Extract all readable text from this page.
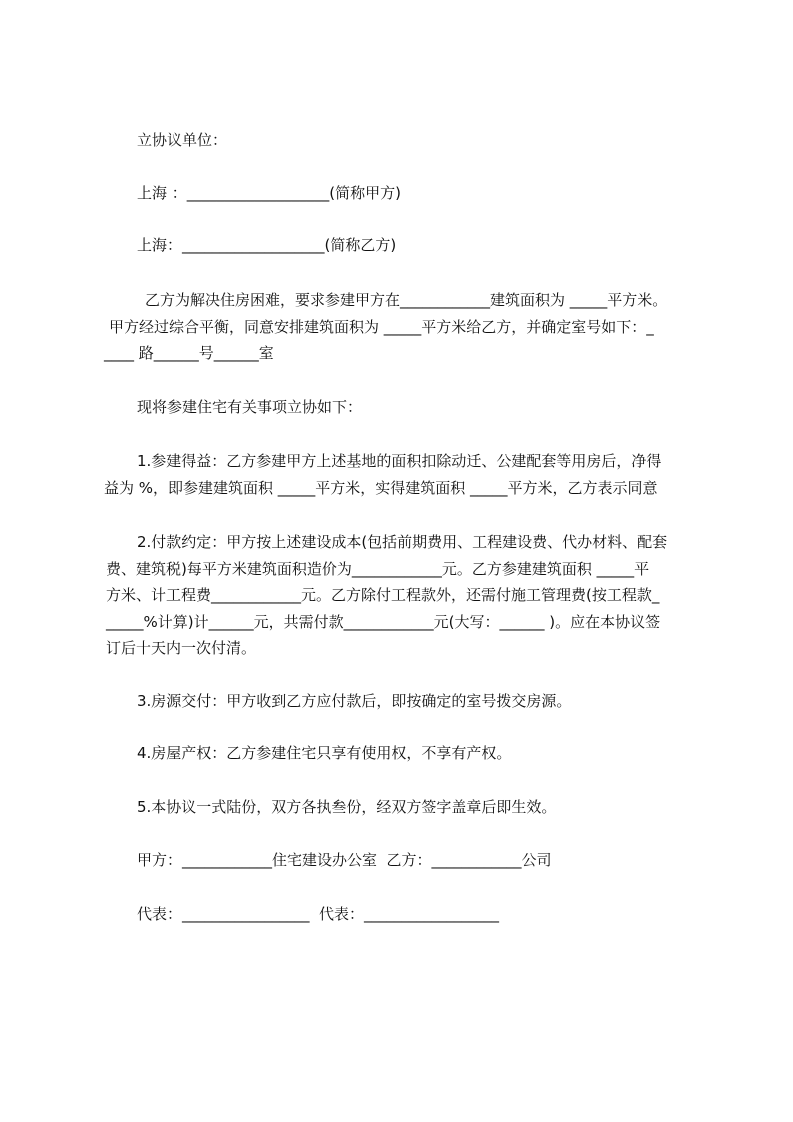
立协议单位：
上海 ：___________________(简称甲方)
上海：___________________(简称乙方)
乙方为解决住房困难，要求参建甲方在____________建筑面积为 _____平方米。
甲方经过综合平衡，同意安排建筑面积为 _____平方米给乙方，并确定室号如下：_
____ 路______号______室
现将参建住宅有关事项立协如下：
1.参建得益：乙方参建甲方上述基地的面积扣除动迁、公建配套等用房后，净得
益为 %，即参建建筑面积 _____平方米，实得建筑面积 _____平方米，乙方表示同意
2.付款约定：甲方按上述建设成本(包括前期费用、工程建设费、代办材料、配套
费、建筑税)每平方米建筑面积造价为____________元。乙方参建建筑面积 _____平
方米、计工程费____________元。乙方除付工程款外，还需付施工管理费(按工程款_
_____%计算)计______元，共需付款____________元(大写：______ )。应在本协议签
订后十天内一次付清。
3.房源交付：甲方收到乙方应付款后，即按确定的室号拨交房源。
4.房屋产权：乙方参建住宅只享有使用权，不享有产权。
5.本协议一式陆份，双方各执叁份，经双方签字盖章后即生效。
甲方：____________住宅建设办公室  乙方：____________公司
代表：_________________  代表：__________________
